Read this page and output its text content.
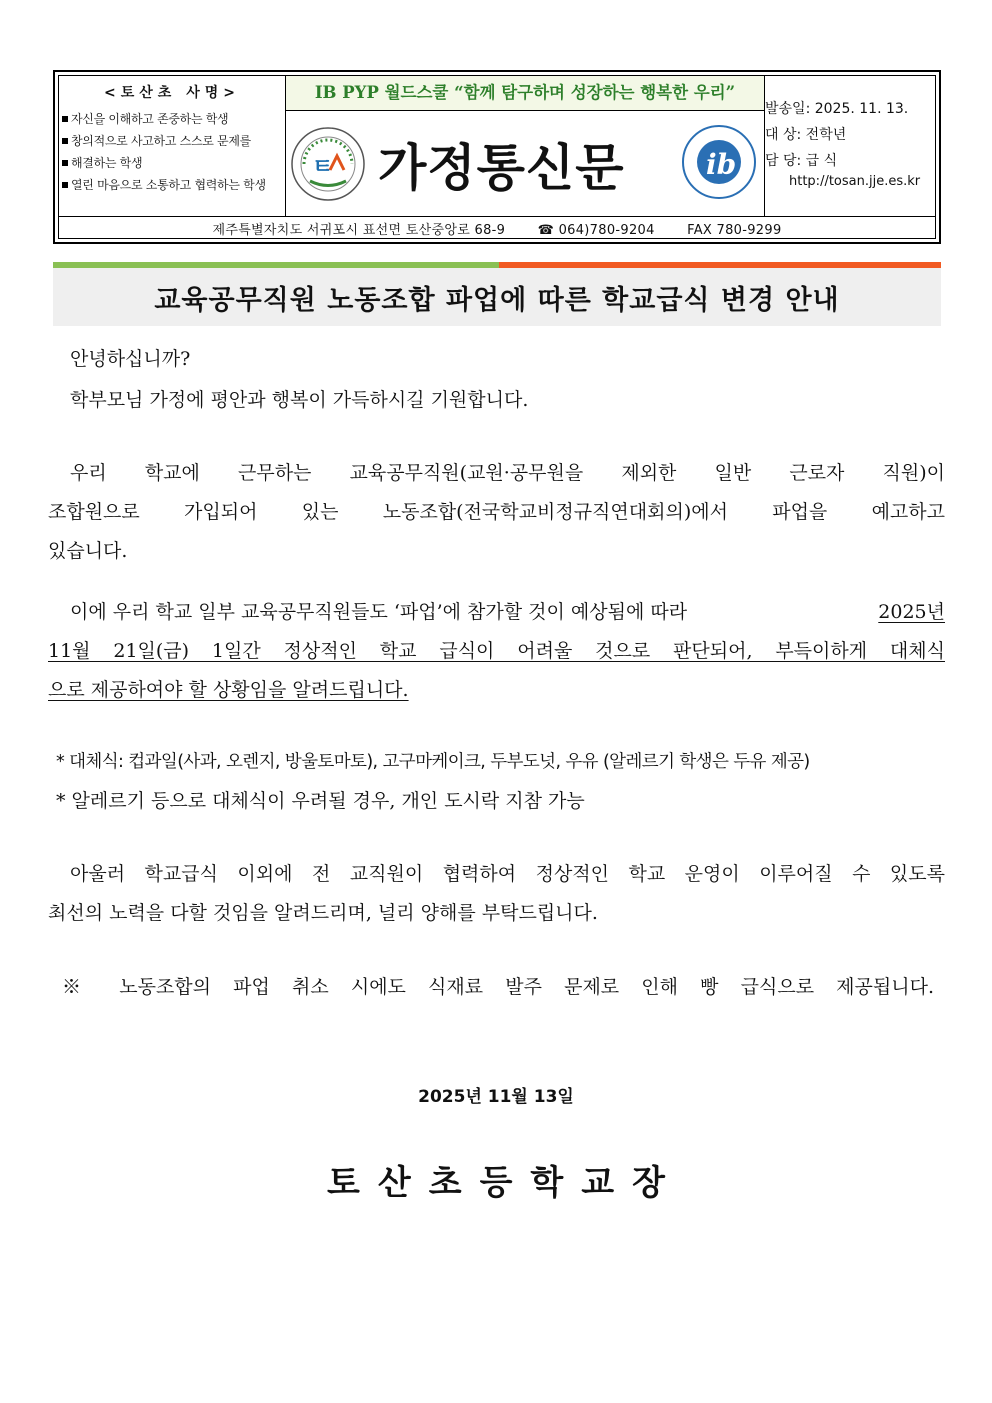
<토산초 사명>
자신을 이해하고 존중하는 학생
창의적으로 사고하고 스스로 문제를
해결하는 학생
열린 마음으로 소통하고 협력하는 학생
IB PYP 월드스쿨 “함께 탐구하며 성장하는 행복한 우리”
ㅌ 가정통신문	ib
발송일: 2025. 11. 13.
대 상: 전학년
담 당: 급 식
http://tosan.jje.es.kr
제주특별자치도 서귀포시 표선면 토산중앙로 68-9 ☎ 064)780-9204 FAX 780-9299
교육공무직원 노동조합 파업에 따른 학교급식 변경 안내
안녕하십니까?
학부모님 가정에 평안과 행복이 가득하시길 기원합니다.
우리 학교에 근무하는 교육공무직원(교원·공무원을 제외한 일반 근로자 직원)이
조합원으로 가입되어 있는 노동조합(전국학교비정규직연대회의)에서 파업을 예고하고
있습니다.
이에 우리 학교 일부 교육공무직원들도 ‘파업’에 참가할 것이 예상됨에 따라	2025년
11월 21일(금) 1일간 정상적인 학교 급식이 어려울 것으로 판단되어, 부득이하게 대체식
으로 제공하여야 할 상황임을 알려드립니다.
* 대체식: 컵과일(사과, 오렌지, 방울토마토), 고구마케이크, 두부도넛, 우유 (알레르기 학생은 두유 제공)
* 알레르기 등으로 대체식이 우려될 경우, 개인 도시락 지참 가능
아울러 학교급식 이외에 전 교직원이 협력하여 정상적인 학교 운영이 이루어질 수 있도록
최선의 노력을 다할 것임을 알려드리며, 널리 양해를 부탁드립니다.
※ 노동조합의 파업 취소 시에도 식재료 발주 문제로 인해 빵 급식으로 제공됩니다.
2025년 11월 13일
토산초등학교장
